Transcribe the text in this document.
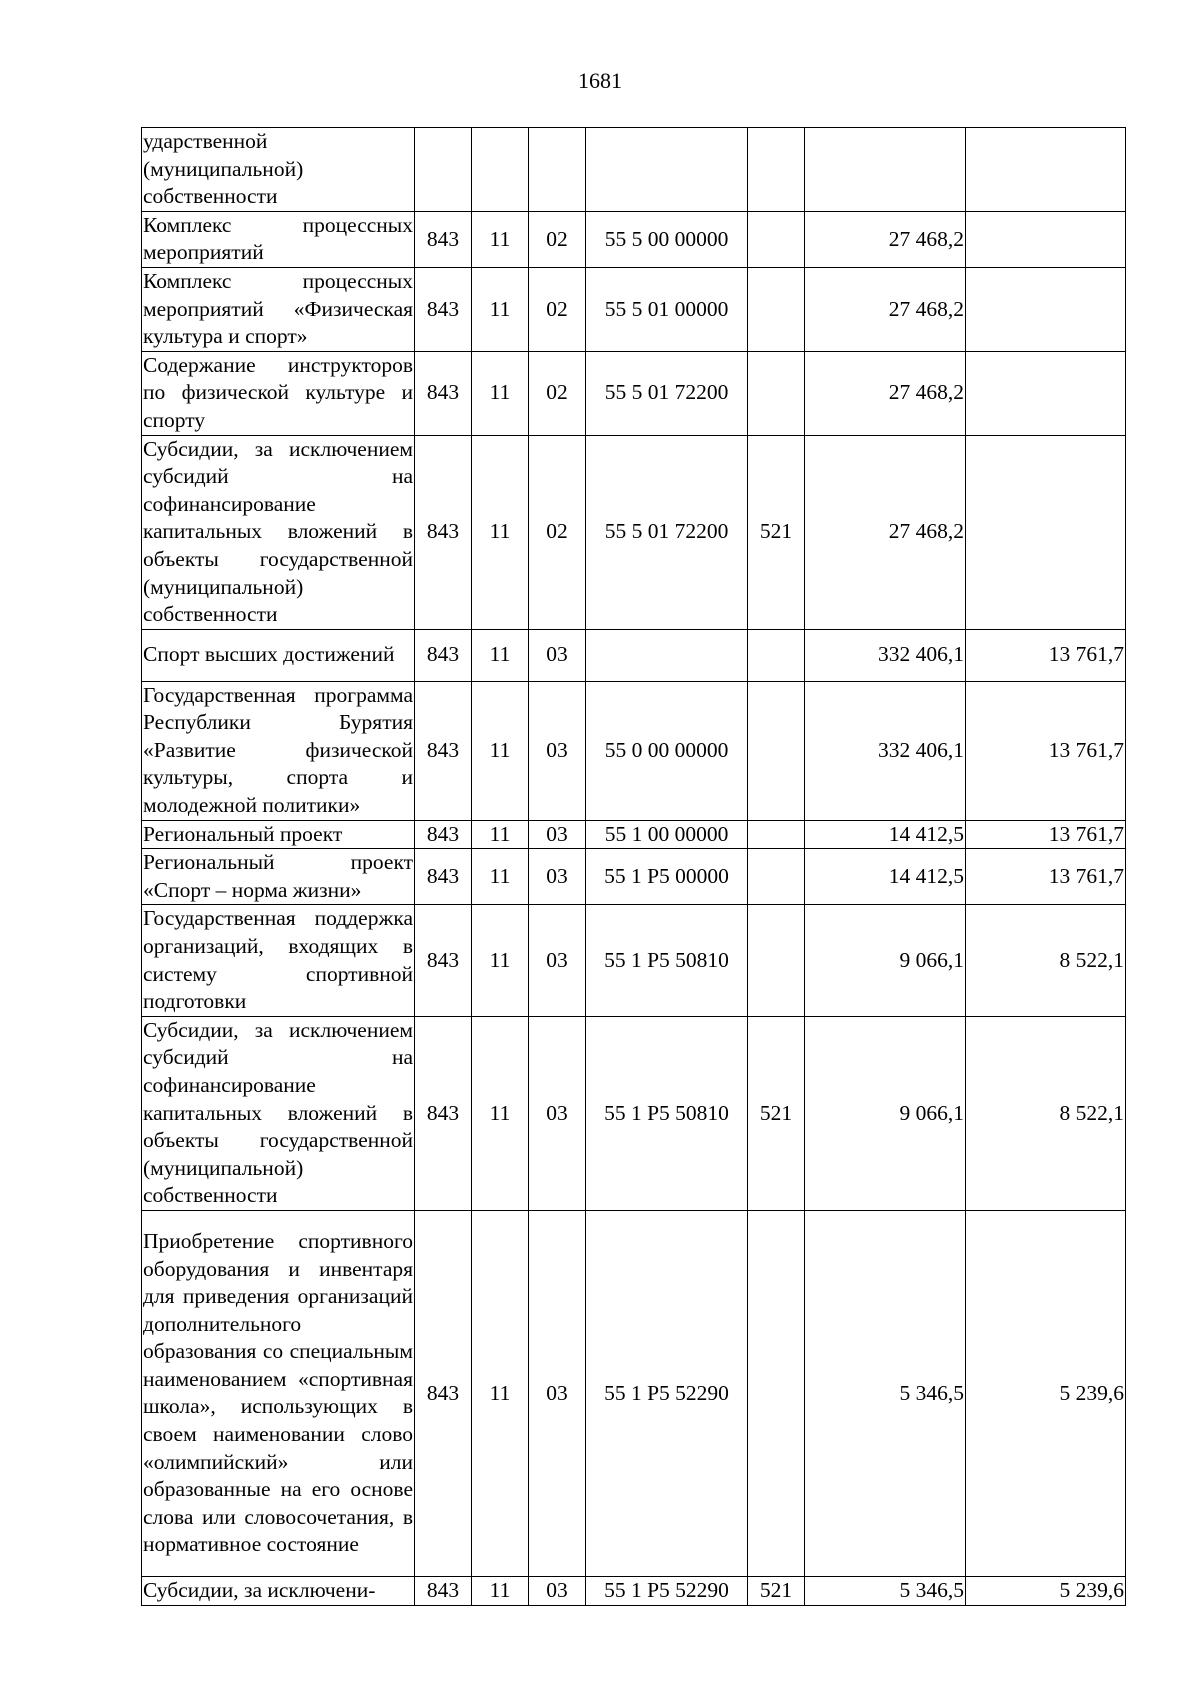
1681
ударственной (муниципальной) собственности							
Комплекс процессных мероприятий	843	11	02	55 5 00 00000		27 468,2	
Комплекс процессных мероприятий «Физическая культура и спорт»	843	11	02	55 5 01 00000		27 468,2	
Содержание инструкторов по физической культуре и спорту	843	11	02	55 5 01 72200		27 468,2	
Субсидии, за исключением субсидий на софинансирование капитальных вложений в объекты государственной (муниципальной) собственности	843	11	02	55 5 01 72200	521	27 468,2	
Спорт высших достижений	843	11	03			332 406,1	13 761,7
Государственная программа Республики Бурятия «Развитие физической культуры, спорта и молодежной политики»	843	11	03	55 0 00 00000		332 406,1	13 761,7
Региональный проект	843	11	03	55 1 00 00000		14 412,5	13 761,7
Региональный проект «Спорт – норма жизни»	843	11	03	55 1 P5 00000		14 412,5	13 761,7
Государственная поддержка организаций, входящих в систему спортивной подготовки	843	11	03	55 1 P5 50810		9 066,1	8 522,1
Субсидии, за исключением субсидий на софинансирование капитальных вложений в объекты государственной (муниципальной) собственности	843	11	03	55 1 P5 50810	521	9 066,1	8 522,1
Приобретение спортивного оборудования и инвентаря для приведения организаций дополнительного образования со специальным наименованием «спортивная школа», использующих в своем наименовании слово «олимпийский» или образованные на его основе слова или словосочетания, в нормативное состояние	843	11	03	55 1 P5 52290		5 346,5	5 239,6
Субсидии, за исключени-	843	11	03	55 1 P5 52290	521	5 346,5	5 239,6
